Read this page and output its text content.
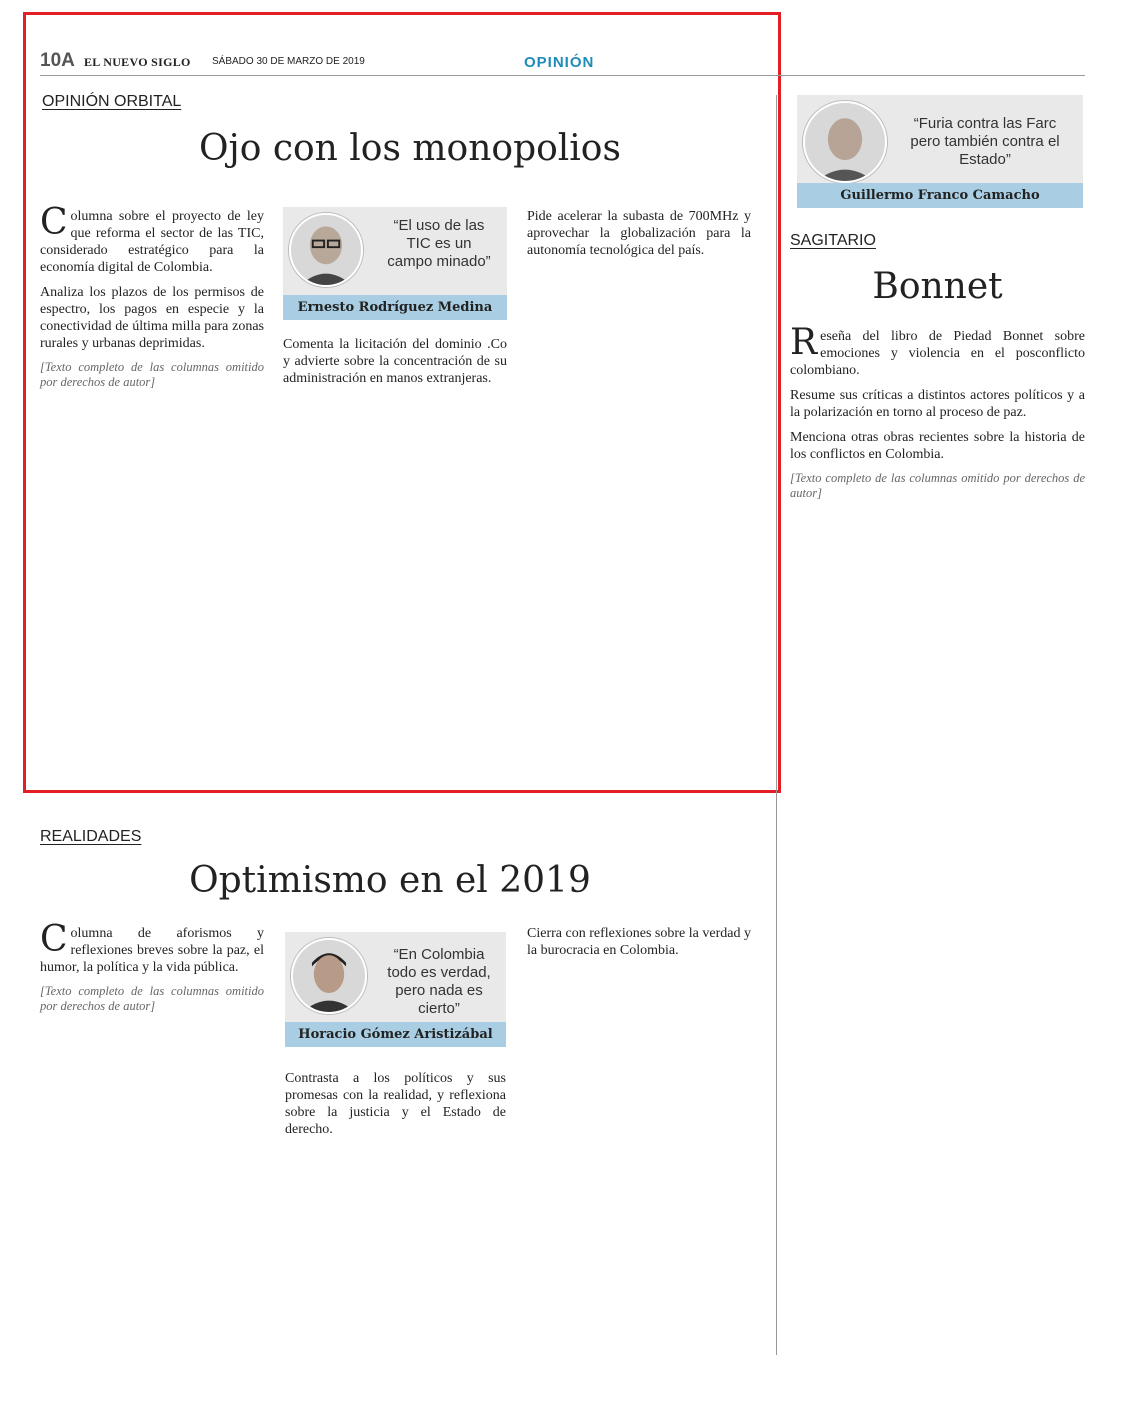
10A EL NUEVO SIGLO SÁBADO 30 DE MARZO DE 2019	OPINIÓN
OPINIÓN ORBITAL
Ojo con los monopolios

Columna sobre el proyecto de ley que reforma el sector de las TIC, considerado estratégico para la economía digital de Colombia.

Analiza los plazos de los permisos de espectro, los pagos en especie y la conectividad de última milla para zonas rurales y urbanas deprimidas.

[Texto completo de las columnas omitido por derechos de autor]

“El uso de las TIC es un campo minado”
Ernesto Rodríguez Medina

Comenta la licitación del dominio .Co y advierte sobre la concentración de su administración en manos extranjeras.

Pide acelerar la subasta de 700MHz y aprovechar la globalización para la autonomía tecnológica del país.

REALIDADES
Optimismo en el 2019

Columna de aforismos y reflexiones breves sobre la paz, el humor, la política y la vida pública.

[Texto completo de las columnas omitido por derechos de autor]

“En Colombia todo es verdad, pero nada es cierto”
Horacio Gómez Aristizábal

Contrasta a los políticos y sus promesas con la realidad, y reflexiona sobre la justicia y el Estado de derecho.

Cierra con reflexiones sobre la verdad y la burocracia en Colombia.

“Furia contra las Farc pero también contra el Estado”
Guillermo Franco Camacho
SAGITARIO
Bonnet

Reseña del libro de Piedad Bonnet sobre emociones y violencia en el posconflicto colombiano.

Resume sus críticas a distintos actores políticos y a la polarización en torno al proceso de paz.

Menciona otras obras recientes sobre la historia de los conflictos en Colombia.

[Texto completo de las columnas omitido por derechos de autor]
